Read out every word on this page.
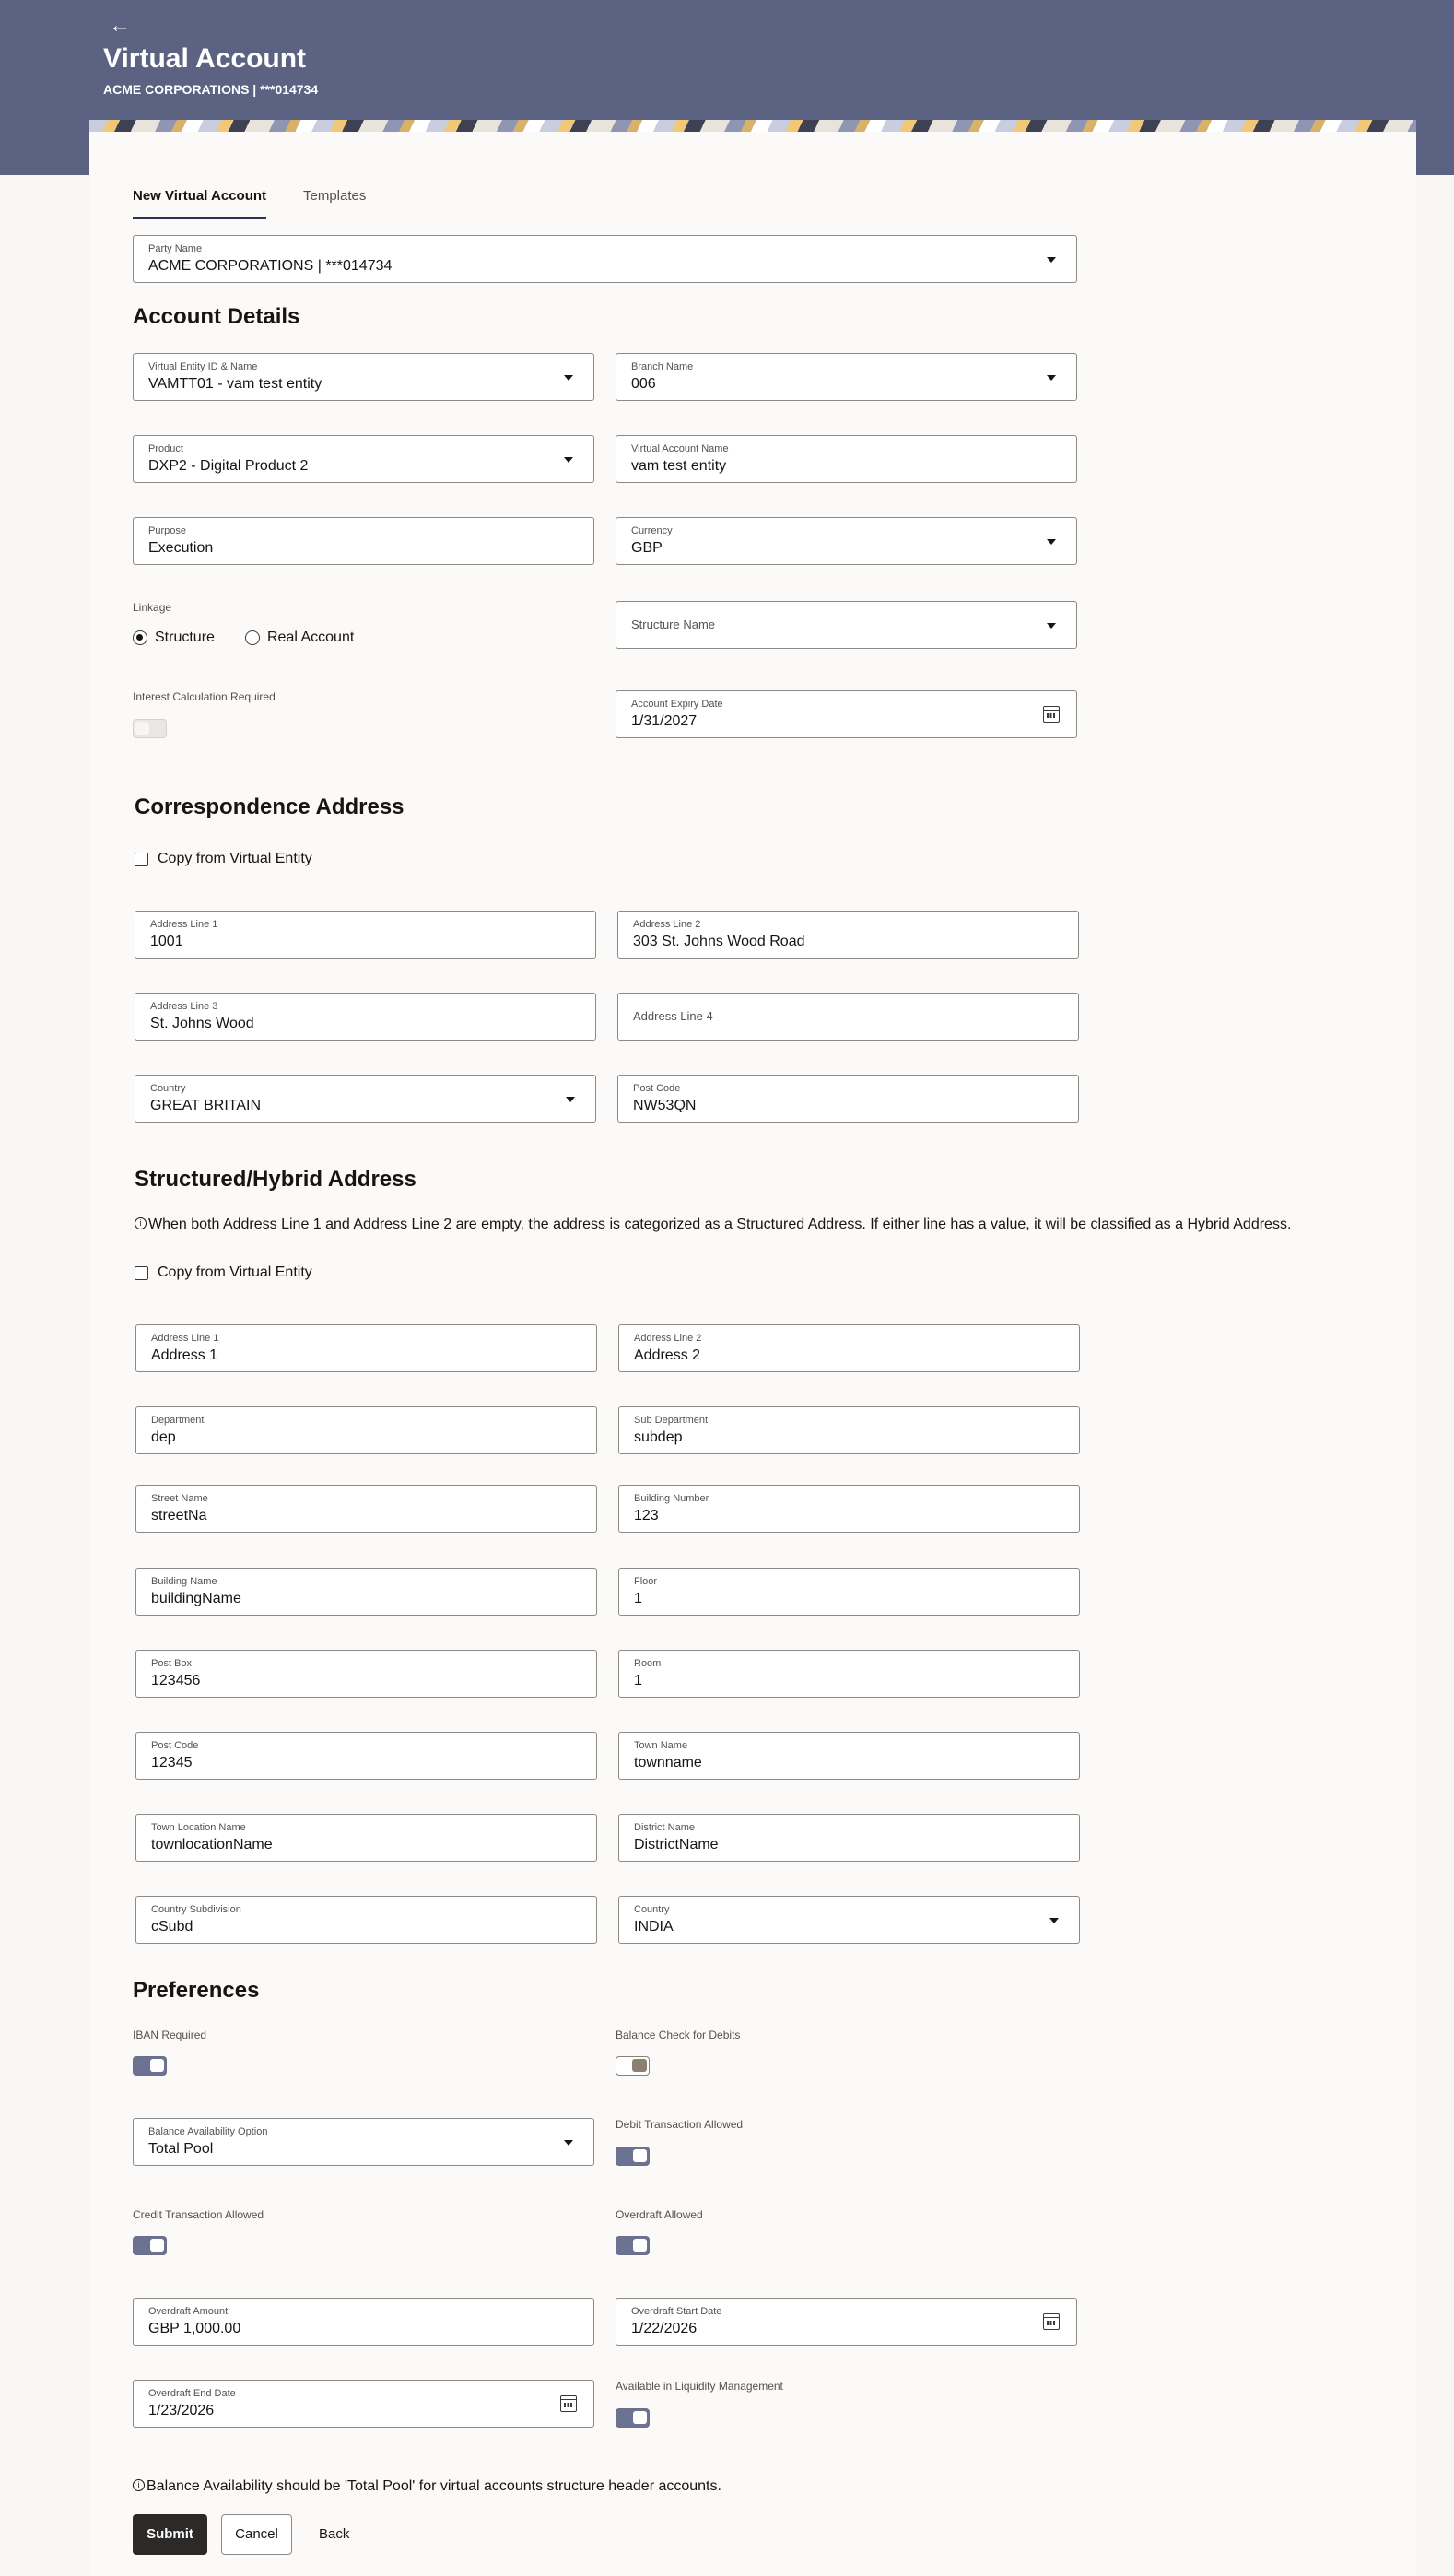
←
Virtual Account
ACME CORPORATIONS | ***014734
New Virtual Account	Templates
Party Name
ACME CORPORATIONS | ***014734
Account Details
Virtual Entity ID & Name
VAMTT01 - vam test entity
Branch Name
006
Product
DXP2 - Digital Product 2
Virtual Account Name
vam test entity
Purpose
Execution
Currency
GBP
Linkage
Structure	Real Account
Structure Name
Interest Calculation Required
Account Expiry Date
1/31/2027
Correspondence Address
Copy from Virtual Entity
Address Line 1
1001
Address Line 2
303 St. Johns Wood Road
Address Line 3
St. Johns Wood	Address Line 4
Country
GREAT BRITAIN
Post Code
NW53QN
Structured/Hybrid Address
i When both Address Line 1 and Address Line 2 are empty, the address is categorized as a Structured Address. If either line has a value, it will be classified as a Hybrid Address.
Copy from Virtual Entity
Address Line 1
Address 1
Address Line 2
Address 2
Department
dep
Sub Department
subdep
Street Name
streetNa
Building Number
123
Building Name
buildingName
Floor
1
Post Box
123456
Room
1
Post Code
12345
Town Name
townname
Town Location Name
townlocationName
District Name
DistrictName
Country Subdivision
cSubd
Country
INDIA
Preferences
IBAN Required	Balance Check for Debits
Balance Availability Option
Total Pool
Debit Transaction Allowed
Credit Transaction Allowed	Overdraft Allowed
Overdraft Amount
GBP 1,000.00
Overdraft Start Date
1/22/2026
Overdraft End Date
1/23/2026
Available in Liquidity Management
i Balance Availability should be 'Total Pool' for virtual accounts structure header accounts.
Submit	Cancel	Back
